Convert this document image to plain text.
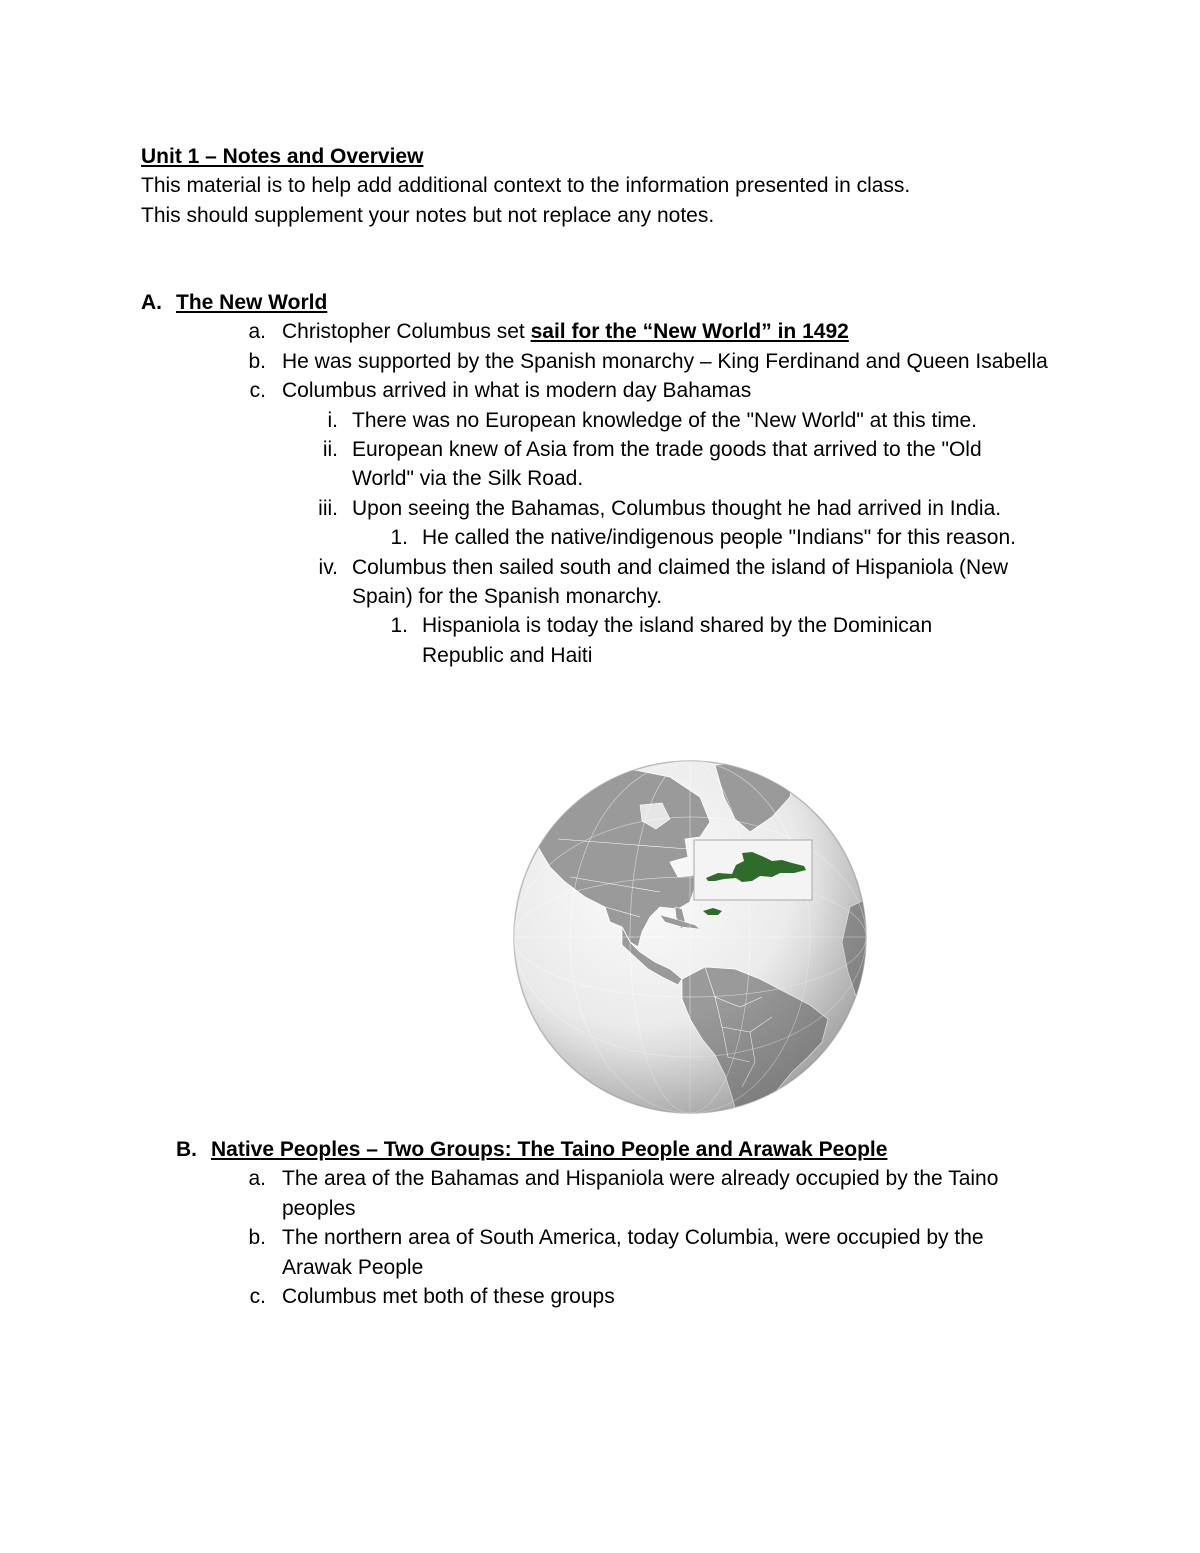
Unit 1 – Notes and Overview
This material is to help add additional context to the information presented in class.
This should supplement your notes but not replace any notes.
A. The New World
a. Christopher Columbus set sail for the “New World” in 1492
b. He was supported by the Spanish monarchy – King Ferdinand and Queen Isabella
c. Columbus arrived in what is modern day Bahamas
i. There was no European knowledge of the "New World" at this time.
ii. European knew of Asia from the trade goods that arrived to the "Old World" via the Silk Road.
iii. Upon seeing the Bahamas, Columbus thought he had arrived in India.
1. He called the native/indigenous people "Indians" for this reason.
iv. Columbus then sailed south and claimed the island of Hispaniola (New Spain) for the Spanish monarchy.
1. Hispaniola is today the island shared by the Dominican Republic and Haiti
B. Native Peoples – Two Groups: The Taino People and Arawak People
a. The area of the Bahamas and Hispaniola were already occupied by the Taino peoples
b. The northern area of South America, today Columbia, were occupied by the Arawak People
c. Columbus met both of these groups
